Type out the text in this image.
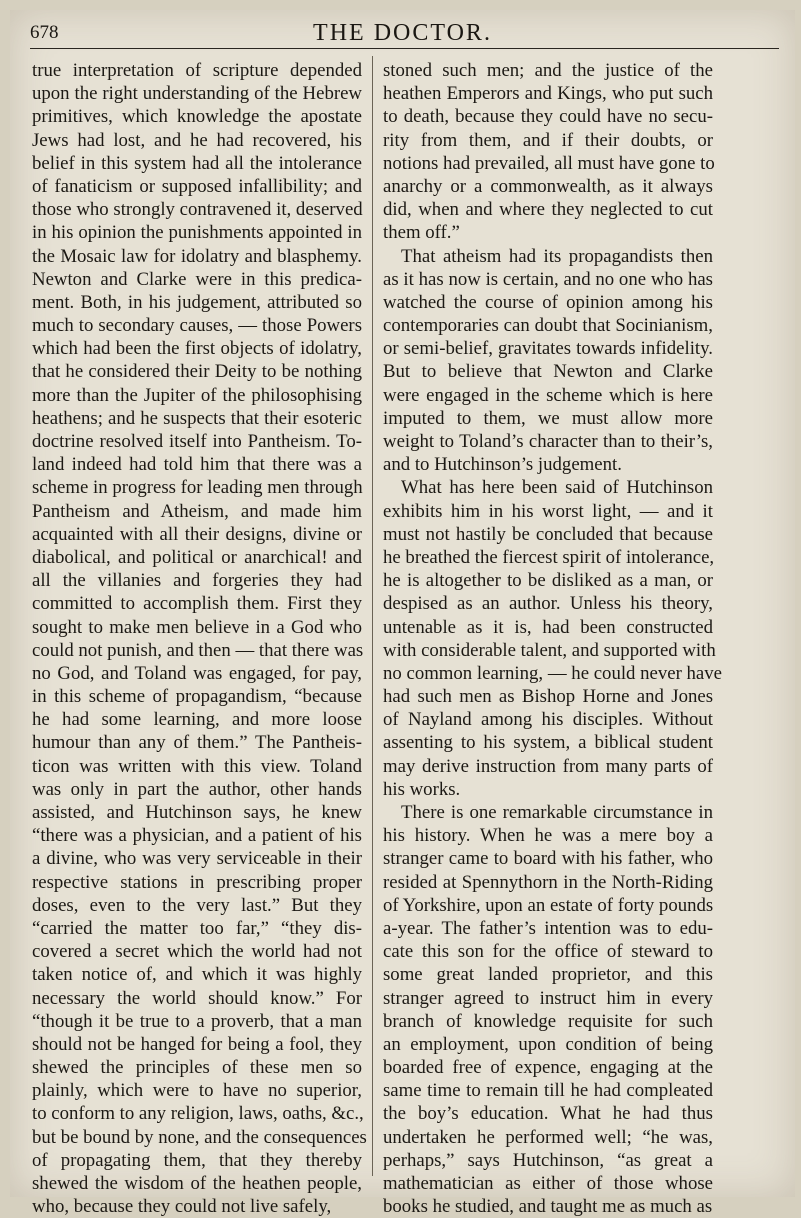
678	THE DOCTOR.
true interpretation of scripture depended
upon the right understanding of the Hebrew
primitives, which knowledge the apostate
Jews had lost, and he had recovered, his
belief in this system had all the intolerance
of fanaticism or supposed infallibility; and
those who strongly contravened it, deserved
in his opinion the punishments appointed in
the Mosaic law for idolatry and blasphemy.
Newton and Clarke were in this predica-
ment. Both, in his judgement, attributed so
much to secondary causes, — those Powers
which had been the first objects of idolatry,
that he considered their Deity to be nothing
more than the Jupiter of the philosophising
heathens; and he suspects that their esoteric
doctrine resolved itself into Pantheism. To-
land indeed had told him that there was a
scheme in progress for leading men through
Pantheism and Atheism, and made him
acquainted with all their designs, divine or
diabolical, and political or anarchical! and
all the villanies and forgeries they had
committed to accomplish them. First they
sought to make men believe in a God who
could not punish, and then — that there was
no God, and Toland was engaged, for pay,
in this scheme of propagandism, “because
he had some learning, and more loose
humour than any of them.” The Pantheis-
ticon was written with this view. Toland
was only in part the author, other hands
assisted, and Hutchinson says, he knew
“there was a physician, and a patient of his
a divine, who was very serviceable in their
respective stations in prescribing proper
doses, even to the very last.” But they
“carried the matter too far,” “they dis-
covered a secret which the world had not
taken notice of, and which it was highly
necessary the world should know.” For
“though it be true to a proverb, that a man
should not be hanged for being a fool, they
shewed the principles of these men so
plainly, which were to have no superior,
to conform to any religion, laws, oaths, &c.,
but be bound by none, and the consequences
of propagating them, that they thereby
shewed the wisdom of the heathen people,
who, because they could not live safely,
stoned such men; and the justice of the
heathen Emperors and Kings, who put such
to death, because they could have no secu-
rity from them, and if their doubts, or
notions had prevailed, all must have gone to
anarchy or a commonwealth, as it always
did, when and where they neglected to cut
them off.”
That atheism had its propagandists then
as it has now is certain, and no one who has
watched the course of opinion among his
contemporaries can doubt that Socinianism,
or semi-belief, gravitates towards infidelity.
But to believe that Newton and Clarke
were engaged in the scheme which is here
imputed to them, we must allow more
weight to Toland’s character than to their’s,
and to Hutchinson’s judgement.
What has here been said of Hutchinson
exhibits him in his worst light, — and it
must not hastily be concluded that because
he breathed the fiercest spirit of intolerance,
he is altogether to be disliked as a man, or
despised as an author. Unless his theory,
untenable as it is, had been constructed
with considerable talent, and supported with
no common learning, — he could never have
had such men as Bishop Horne and Jones
of Nayland among his disciples. Without
assenting to his system, a biblical student
may derive instruction from many parts of
his works.
There is one remarkable circumstance in
his history. When he was a mere boy a
stranger came to board with his father, who
resided at Spennythorn in the North-Riding
of Yorkshire, upon an estate of forty pounds
a-year. The father’s intention was to edu-
cate this son for the office of steward to
some great landed proprietor, and this
stranger agreed to instruct him in every
branch of knowledge requisite for such
an employment, upon condition of being
boarded free of expence, engaging at the
same time to remain till he had compleated
the boy’s education. What he had thus
undertaken he performed well; “he was,
perhaps,” says Hutchinson, “as great a
mathematician as either of those whose
books he studied, and taught me as much as
